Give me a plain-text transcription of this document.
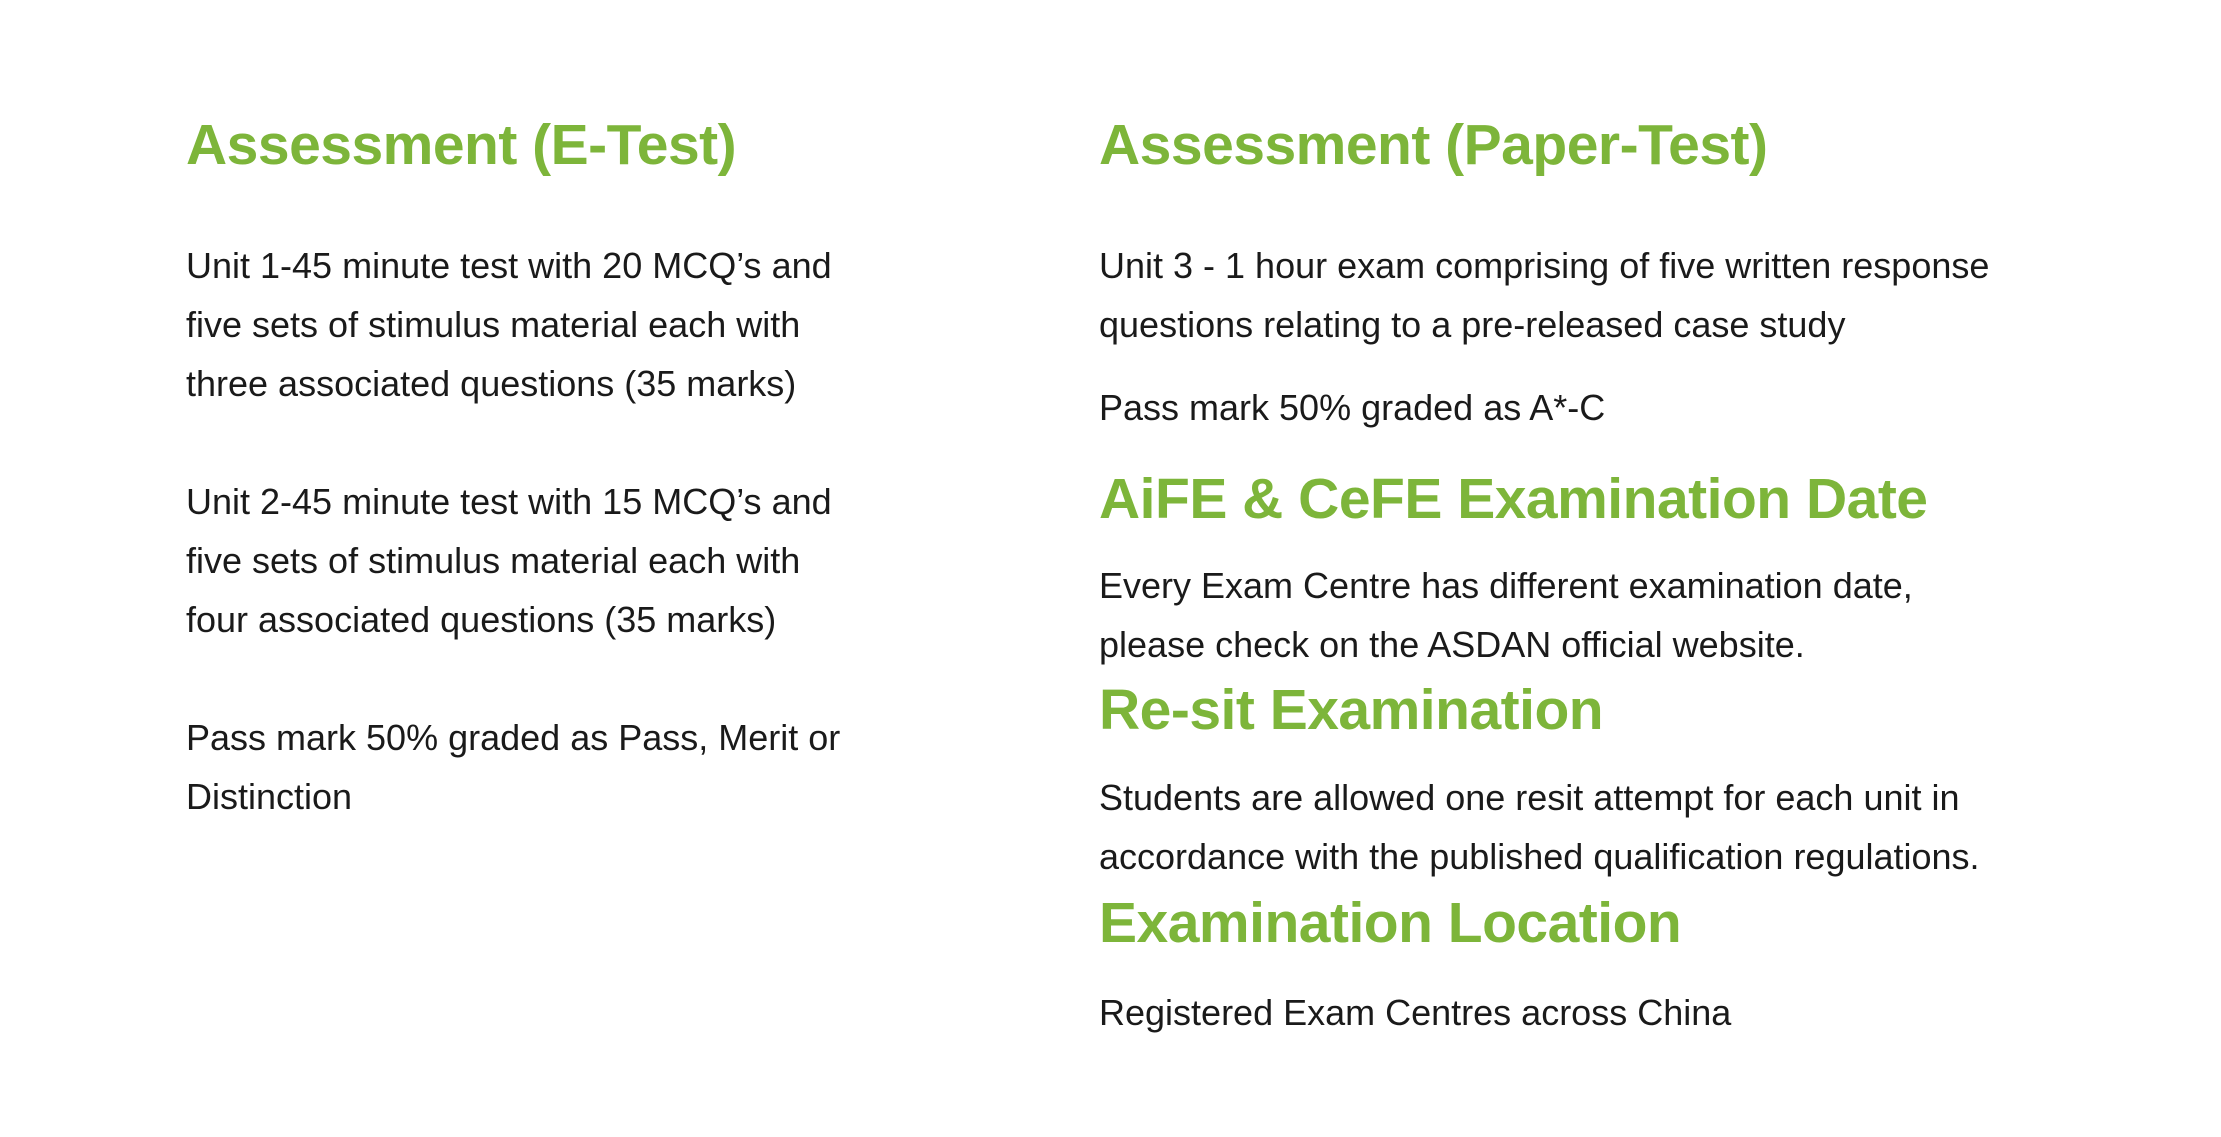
Assessment (E-Test)

Unit 1-45 minute test with 20 MCQ’s and
five sets of stimulus material each with
three associated questions (35 marks)

Unit 2-45 minute test with 15 MCQ’s and
five sets of stimulus material each with
four associated questions (35 marks)

Pass mark 50% graded as Pass, Merit or
Distinction

Assessment (Paper-Test)

Unit 3 - 1 hour exam comprising of five written response
questions relating to a pre-released case study

Pass mark 50% graded as A*-C

AiFE & CeFE Examination Date

Every Exam Centre has different examination date,
please check on the ASDAN official website.

Re-sit Examination

Students are allowed one resit attempt for each unit in
accordance with the published qualification regulations.

Examination Location

Registered Exam Centres across China
